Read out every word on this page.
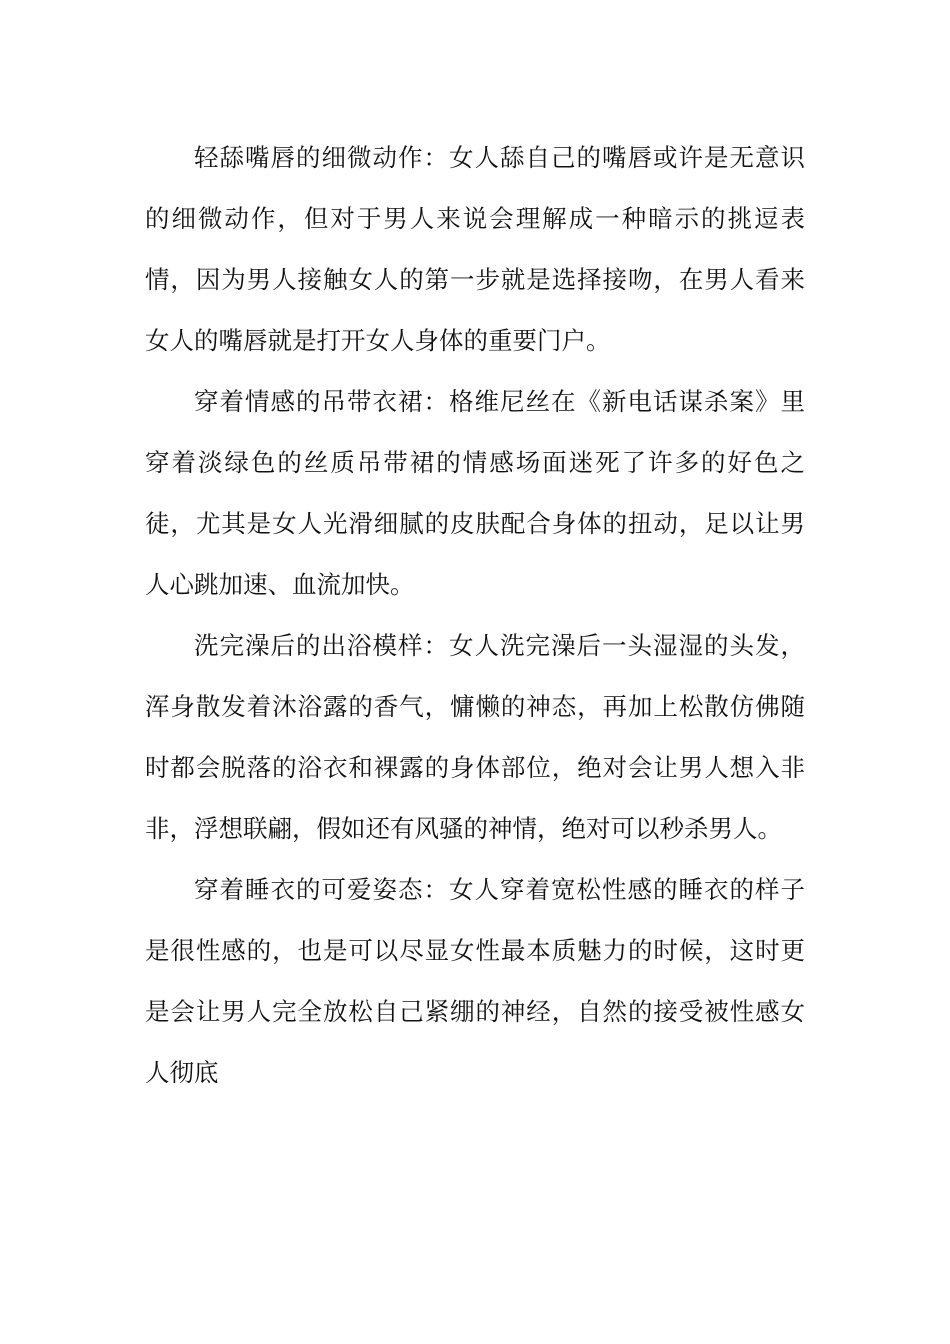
轻舔嘴唇的细微动作：女人舔自己的嘴唇或许是无意识的细微动作，但对于男人来说会理解成一种暗示的挑逗表情，因为男人接触女人的第一步就是选择接吻，在男人看来女人的嘴唇就是打开女人身体的重要门户。

穿着情感的吊带衣裙：格维尼丝在《新电话谋杀案》里穿着淡绿色的丝质吊带裙的情感场面迷死了许多的好色之徒，尤其是女人光滑细腻的皮肤配合身体的扭动，足以让男人心跳加速、血流加快。

洗完澡后的出浴模样：女人洗完澡后一头湿湿的头发，浑身散发着沐浴露的香气，慵懒的神态，再加上松散仿佛随时都会脱落的浴衣和裸露的身体部位，绝对会让男人想入非非，浮想联翩，假如还有风骚的神情，绝对可以秒杀男人。

穿着睡衣的可爱姿态：女人穿着宽松性感的睡衣的样子是很性感的，也是可以尽显女性最本质魅力的时候，这时更是会让男人完全放松自己紧绷的神经，自然的接受被性感女人彻底
